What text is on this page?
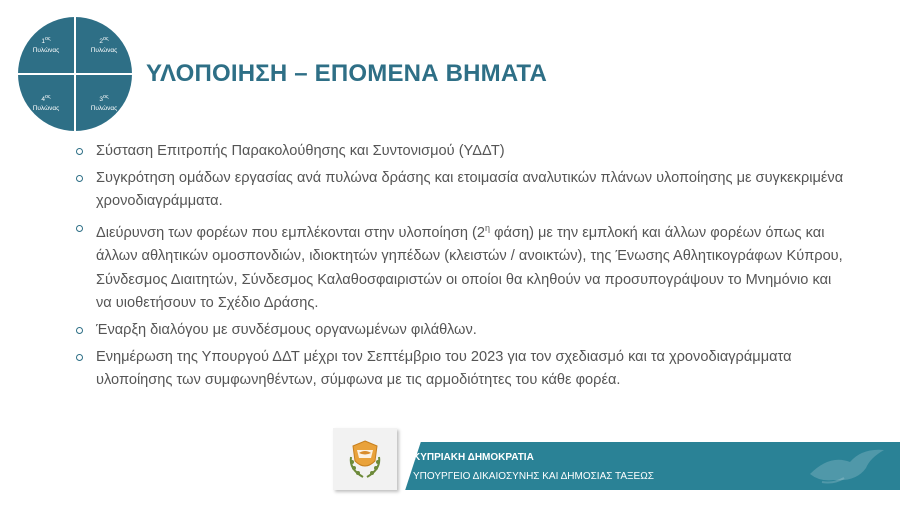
$1^{o\varsigma}$
Πυλώνας
$2^{o\varsigma}$
Πυλώνας
$4^{o\varsigma}$
Πυλώνας
$3^{o\varsigma}$
Πυλώνας
ΥΛΟΠΟΙΗΣΗ – ΕΠΟΜΕΝΑ ΒΗΜΑΤΑ
Σύσταση Επιτροπής Παρακολούθησης και Συντονισμού (ΥΔΔΤ)
Συγκρότηση ομάδων εργασίας ανά πυλώνα δράσης και ετοιμασία αναλυτικών πλάνων υλοποίησης με συγκεκριμένα χρονοδιαγράμματα.
Διεύρυνση των φορέων που εμπλέκονται στην υλοποίηση ($2^\eta$ φάση) με την εμπλοκή και άλλων φορέων όπως και άλλων αθλητικών ομοσπονδιών, ιδιοκτητών γηπέδων (κλειστών / ανοικτών), της Ένωσης Αθλητικογράφων Κύπρου, Σύνδεσμος Διαιτητών, Σύνδεσμος Καλαθοσφαιριστών οι οποίοι θα κληθούν να προσυπογράψουν το Μνημόνιο και να υιοθετήσουν το Σχέδιο Δράσης.
Έναρξη διαλόγου με συνδέσμους οργανωμένων φιλάθλων.
Ενημέρωση της Υπουργού ΔΔΤ μέχρι τον Σεπτέμβριο του 2023 για τον σχεδιασμό και τα χρονοδιαγράμματα υλοποίησης των συμφωνηθέντων, σύμφωνα με τις αρμοδιότητες του κάθε φορέα.
ΚΥΠΡΙΑΚΗ ΔΗΜΟΚΡΑΤΙΑ
ΥΠΟΥΡΓΕΙΟ ΔΙΚΑΙΟΣΥΝΗΣ ΚΑΙ ΔΗΜΟΣΙΑΣ ΤΑΞΕΩΣ
